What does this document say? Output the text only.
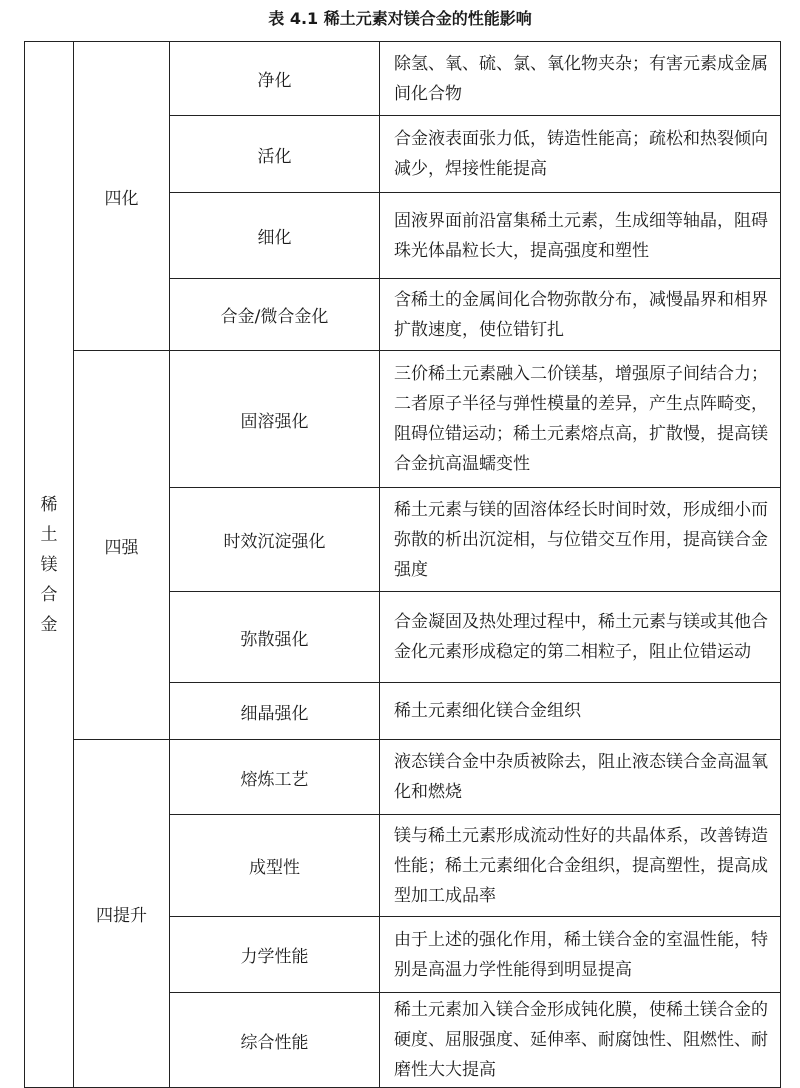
表 4.1 稀土元素对镁合金的性能影响
稀土镁合金	四化	净化	除氢、氧、硫、氯、氧化物夹杂；有害元素成金属间化合物
		活化	合金液表面张力低，铸造性能高；疏松和热裂倾向减少，焊接性能提高
		细化	固液界面前沿富集稀土元素，生成细等轴晶，阻碍珠光体晶粒长大，提高强度和塑性
		合金/微合金化	含稀土的金属间化合物弥散分布，减慢晶界和相界扩散速度，使位错钉扎
	四强	固溶强化	三价稀土元素融入二价镁基，增强原子间结合力；二者原子半径与弹性模量的差异，产生点阵畸变，阻碍位错运动；稀土元素熔点高，扩散慢，提高镁合金抗高温蠕变性
		时效沉淀强化	稀土元素与镁的固溶体经长时间时效，形成细小而弥散的析出沉淀相，与位错交互作用，提高镁合金强度
		弥散强化	合金凝固及热处理过程中，稀土元素与镁或其他合金化元素形成稳定的第二相粒子，阻止位错运动
		细晶强化	稀土元素细化镁合金组织
	四提升	熔炼工艺	液态镁合金中杂质被除去，阻止液态镁合金高温氧化和燃烧
		成型性	镁与稀土元素形成流动性好的共晶体系，改善铸造性能；稀土元素细化合金组织，提高塑性，提高成型加工成品率
		力学性能	由于上述的强化作用，稀土镁合金的室温性能，特别是高温力学性能得到明显提高
		综合性能	稀土元素加入镁合金形成钝化膜，使稀土镁合金的硬度、屈服强度、延伸率、耐腐蚀性、阻燃性、耐磨性大大提高
